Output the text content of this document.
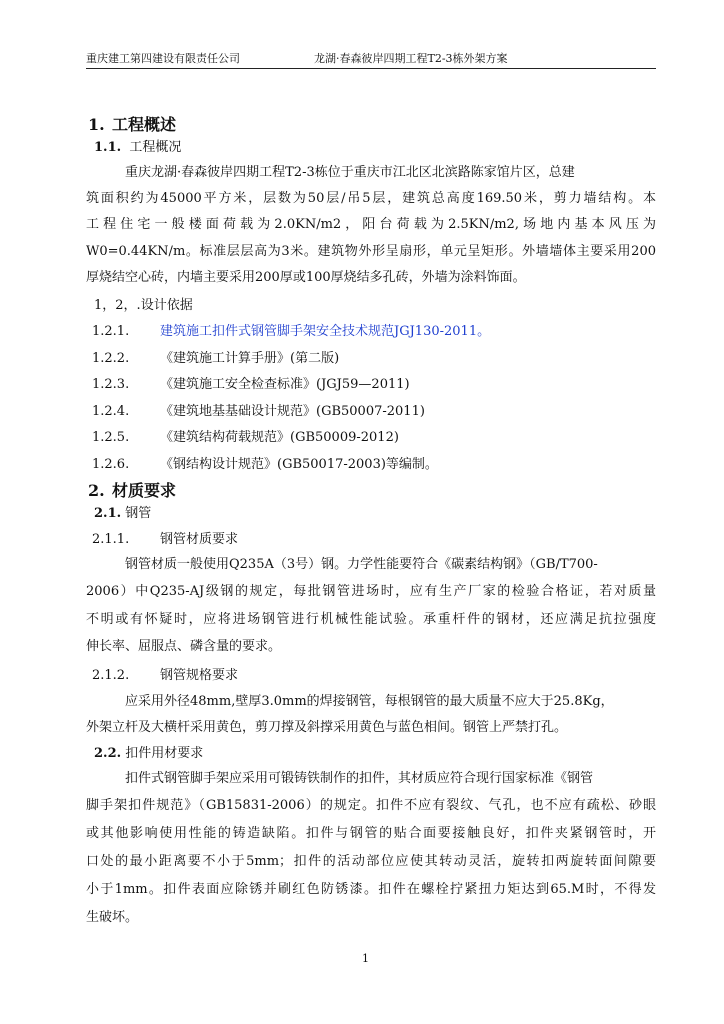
重庆建工第四建设有限责任公司	龙湖·春森彼岸四期工程T2-3栋外架方案
1. 工程概述
1.1. 工程概况
重庆龙湖·春森彼岸四期工程T2-3栋位于重庆市江北区北滨路陈家馆片区，总建
筑面积约为45000平方米，层数为50层/吊5层，建筑总高度169.50米，剪力墙结构。本
工程住宅一般楼面荷载为2.0KN/m2，阳台荷载为2.5KN/m2,场地内基本风压为
W0=0.44KN/m。标准层层高为3米。建筑物外形呈扇形，单元呈矩形。外墙墙体主要采用200
厚烧结空心砖，内墙主要采用200厚或100厚烧结多孔砖，外墙为涂料饰面。
1，2，.设计依据
1.2.1. 建筑施工扣件式钢管脚手架安全技术规范JGJ130-2011。
1.2.2. 《建筑施工计算手册》(第二版)
1.2.3. 《建筑施工安全检查标准》(JGJ59—2011)
1.2.4. 《建筑地基基础设计规范》(GB50007-2011)
1.2.5. 《建筑结构荷载规范》(GB50009-2012)
1.2.6. 《钢结构设计规范》(GB50017-2003)等编制。
2. 材质要求
2.1. 钢管
2.1.1. 钢管材质要求
钢管材质一般使用Q235A（3号）钢。力学性能要符合《碳素结构钢》（GB/T700-
2006）中Q235-AJ级钢的规定，每批钢管进场时，应有生产厂家的检验合格证，若对质量
不明或有怀疑时，应将进场钢管进行机械性能试验。承重杆件的钢材，还应满足抗拉强度
伸长率、屈服点、磷含量的要求。
2.1.2. 钢管规格要求
应采用外径48mm,壁厚3.0mm的焊接钢管，每根钢管的最大质量不应大于25.8Kg，
外架立杆及大横杆采用黄色，剪刀撑及斜撑采用黄色与蓝色相间。钢管上严禁打孔。
2.2. 扣件用材要求
扣件式钢管脚手架应采用可锻铸铁制作的扣件，其材质应符合现行国家标准《钢管
脚手架扣件规范》（GB15831-2006）的规定。扣件不应有裂纹、气孔，也不应有疏松、砂眼
或其他影响使用性能的铸造缺陷。扣件与钢管的贴合面要接触良好，扣件夹紧钢管时，开
口处的最小距离要不小于5mm；扣件的活动部位应使其转动灵活，旋转扣两旋转面间隙要
小于1mm。扣件表面应除锈并刷红色防锈漆。扣件在螺栓拧紧扭力矩达到65.M时，不得发
生破坏。
1
